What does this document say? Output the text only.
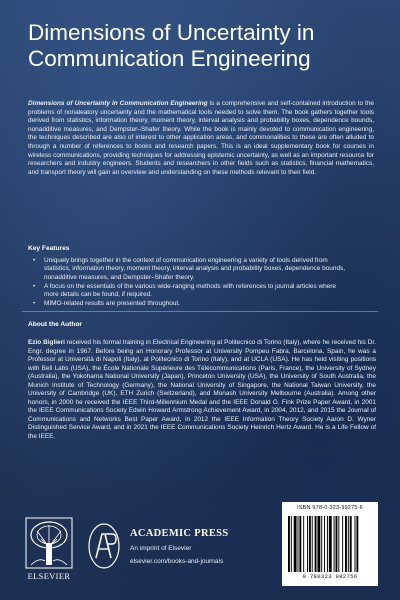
Dimensions of Uncertainty in Communication Engineering
Dimensions of Uncertainty in Communication Engineering is a comprehensive and self-contained introduction to the problems of nonaleatory uncertainty and the mathematical tools needed to solve them. The book gathers together tools derived from statistics, information theory, moment theory, interval analysis and probability boxes, dependence bounds, nonadditive measures, and Dempster–Shafer theory. While the book is mainly devoted to communication engineering, the techniques described are also of interest to other application areas, and commonalities to these are often alluded to through a number of references to books and research papers. This is an ideal supplementary book for courses in wireless communications, providing techniques for addressing epistemic uncertainty, as well as an important resource for researchers and industry engineers. Students and researchers in other fields such as statistics, financial mathematics, and transport theory will gain an overview and understanding on these methods relevant to their field.
Key Features
• Uniquely brings together in the context of communication engineering a variety of tools derived from statistics, information theory, moment theory, interval analysis and probability boxes, dependence bounds, nonadditive measures, and Dempster–Shafer theory.
• A focus on the essentials of the various wide-ranging methods with references to journal articles where more details can be found, if required.
• MIMO-related results are presented throughout.
About the Author
Ezio Biglieri received his formal training in Electrical Engineering at Politecnico di Torino (Italy), where he received his Dr. Engr. degree in 1967. Before being an Honorary Professor at University Pompeu Fabra, Barcelona, Spain, he was a Professor at Università di Napoli (Italy), at Politecnico di Torino (Italy), and at UCLA (USA). He has held visiting positions with Bell Labs (USA), the École Nationale Supérieure des Télécommunications (Paris, France), the University of Sydney (Australia), the Yokohama National University (Japan), Princeton University (USA), the University of South Australia, the Munich Institute of Technology (Germany), the National University of Singapore, the National Taiwan University, the University of Cambridge (UK), ETH Zurich (Switzerland), and Monash University Melbourne (Australia). Among other honors, in 2000 he received the IEEE Third-Millennium Medal and the IEEE Donald G. Fink Prize Paper Award, in 2001 the IEEE Communications Society Edwin Howard Armstrong Achievement Award, in 2004, 2012, and 2015 the Journal of Communications and Networks Best Paper Award, in 2012 the IEEE Information Theory Society Aaron D. Wyner Distinguished Service Award, and in 2021 the IEEE Communications Society Heinrich Hertz Award. He is a Life Fellow of the IEEE.
ELSEVIER
ACADEMIC PRESS
An imprint of Elsevier
elsevier.com/books-and-journals
ISBN 978-0-323-99275-6
9 780323 992756
